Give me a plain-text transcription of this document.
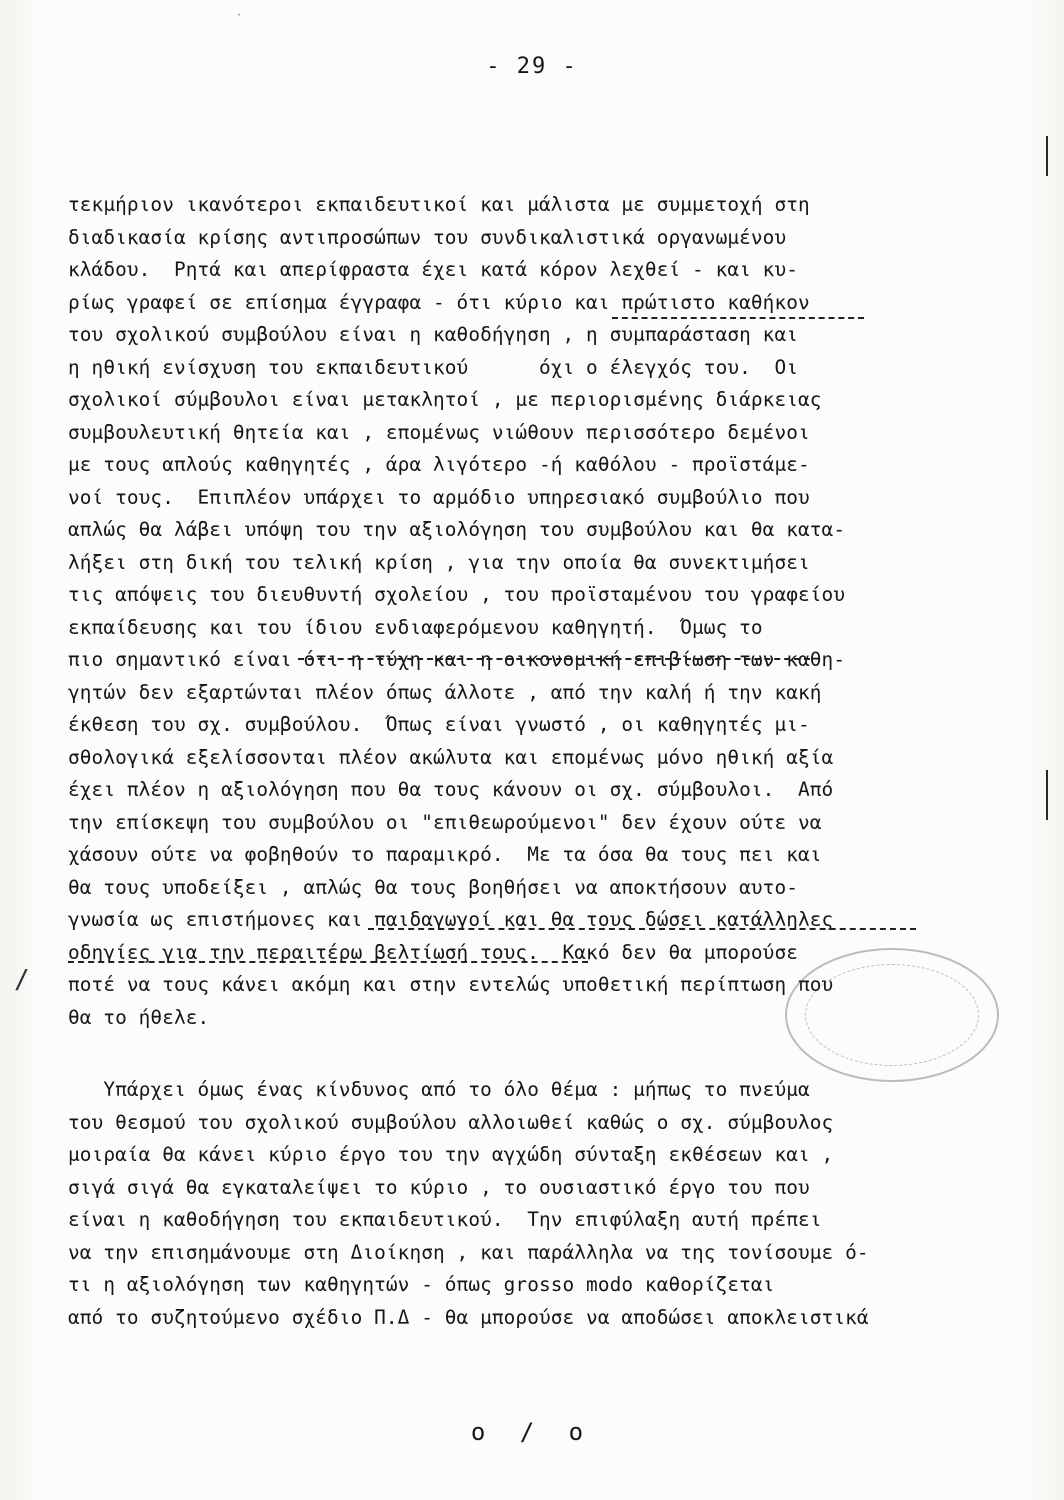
·
- 29 -
τεκμήριον ικανότεροι εκπαιδευτικοί και μάλιστα με συμμετοχή στη
διαδικασία κρίσης αντιπροσώπων του συνδικαλιστικά οργανωμένου
κλάδου.  Ρητά και απερίφραστα έχει κατά κόρον λεχθεί - και κυ-
ρίως γραφεί σε επίσημα έγγραφα - ότι κύριο και πρώτιστο καθήκον
του σχολικού συμβούλου είναι η καθοδήγηση , η συμπαράσταση και
η ηθική ενίσχυση του εκπαιδευτικού      όχι ο έλεγχός του.  Οι
σχολικοί σύμβουλοι είναι μετακλητοί , με περιορισμένης διάρκειας
συμβουλευτική θητεία και , επομένως νιώθουν περισσότερο δεμένοι
με τους απλούς καθηγητές , άρα λιγότερο -ή καθόλου - προϊστάμε-
νοί τους.  Επιπλέον υπάρχει το αρμόδιο υπηρεσιακό συμβούλιο που
απλώς θα λάβει υπόψη του την αξιολόγηση του συμβούλου και θα κατα-
λήξει στη δική του τελική κρίση , για την οποία θα συνεκτιμήσει
τις απόψεις του διευθυντή σχολείου , του προϊσταμένου του γραφείου
εκπαίδευσης και του ίδιου ενδιαφερόμενου καθηγητή.  Όμως το
πιο σημαντικό είναι ότι η τύχη και η οικονομική επιβίωση των καθη-
γητών δεν εξαρτώνται πλέον όπως άλλοτε , από την καλή ή την κακή
έκθεση του σχ. συμβούλου.  Όπως είναι γνωστό , οι καθηγητές μι-
σθολογικά εξελίσσονται πλέον ακώλυτα και επομένως μόνο ηθική αξία
έχει πλέον η αξιολόγηση που θα τους κάνουν οι σχ. σύμβουλοι.  Από
την επίσκεψη του συμβούλου οι "επιθεωρούμενοι" δεν έχουν ούτε να
χάσουν ούτε να φοβηθούν το παραμικρό.  Με τα όσα θα τους πει και
θα τους υποδείξει , απλώς θα τους βοηθήσει να αποκτήσουν αυτο-
γνωσία ως επιστήμονες και παιδαγωγοί και θα τους δώσει κατάλληλες
οδηγίες για την περαιτέρω βελτίωσή τους.  Κακό δεν θα μπορούσε
ποτέ να τους κάνει ακόμη και στην εντελώς υποθετική περίπτωση που
θα το ήθελε.
Υπάρχει όμως ένας κίνδυνος από το όλο θέμα : μήπως το πνεύμα
του θεσμού του σχολικού συμβούλου αλλοιωθεί καθώς ο σχ. σύμβουλος
μοιραία θα κάνει κύριο έργο του την αγχώδη σύνταξη εκθέσεων και ,
σιγά σιγά θα εγκαταλείψει το κύριο , το ουσιαστικό έργο του που
είναι η καθοδήγηση του εκπαιδευτικού.  Την επιφύλαξη αυτή πρέπει
να την επισημάνουμε στη Διοίκηση , και παράλληλα να της τονίσουμε ό-
τι η αξιολόγηση των καθηγητών - όπως grosso modo καθορίζεται
από το συζητούμενο σχέδιο Π.Δ - θα μπορούσε να αποδώσει αποκλειστικά
/
o / o
